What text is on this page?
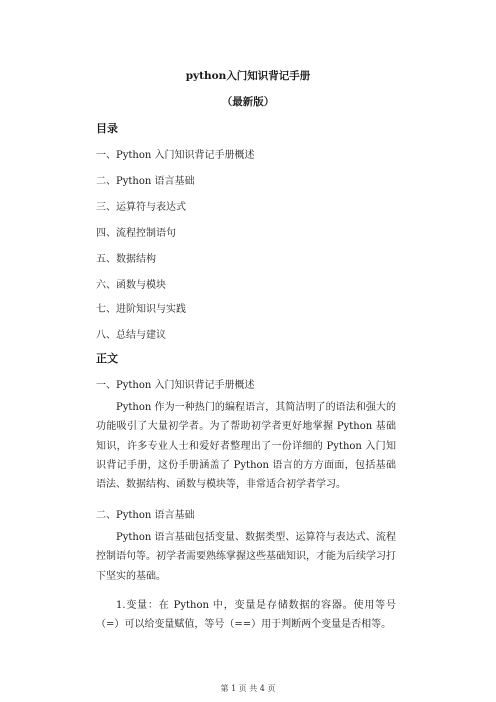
python入门知识背记手册
（最新版）
目录
一、Python 入门知识背记手册概述
二、Python 语言基础
三、运算符与表达式
四、流程控制语句
五、数据结构
六、函数与模块
七、进阶知识与实践
八、总结与建议
正文
一、Python 入门知识背记手册概述
Python 作为一种热门的编程语言，其简洁明了的语法和强大的功能吸引了大量初学者。为了帮助初学者更好地掌握 Python 基础知识，许多专业人士和爱好者整理出了一份详细的 Python 入门知识背记手册，这份手册涵盖了 Python 语言的方方面面，包括基础语法、数据结构、函数与模块等，非常适合初学者学习。
二、Python 语言基础
Python 语言基础包括变量、数据类型、运算符与表达式、流程控制语句等。初学者需要熟练掌握这些基础知识，才能为后续学习打下坚实的基础。
1.变量：在 Python 中，变量是存储数据的容器。使用等号（=）可以给变量赋值，等号（==）用于判断两个变量是否相等。
第 1 页 共 4 页
